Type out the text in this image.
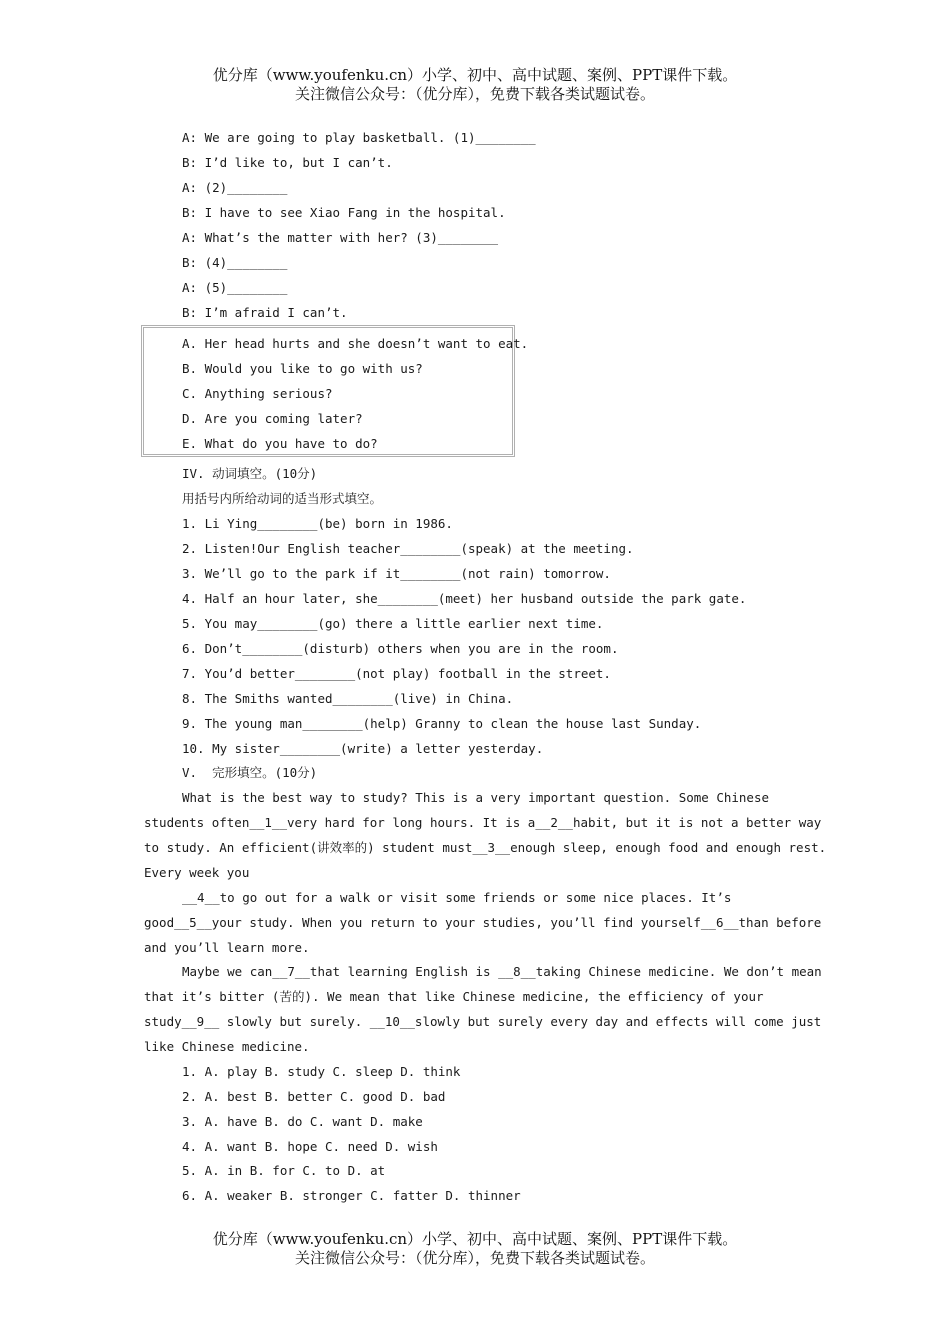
优分库（www.youfenku.cn）小学、初中、高中试题、案例、PPT课件下载。
关注微信公众号：（优分库），免费下载各类试题试卷。
A: We are going to play basketball. (1)________
B: I’d like to, but I can’t.
A: (2)________
B: I have to see Xiao Fang in the hospital.
A: What’s the matter with her? (3)________
B: (4)________
A: (5)________
B: I’m afraid I can’t.
A. Her head hurts and she doesn’t want to eat.
B. Would you like to go with us?
C. Anything serious?
D. Are you coming later?
E. What do you have to do?
IV. 动词填空。(10分)
用括号内所给动词的适当形式填空。
1. Li Ying________(be) born in 1986.
2. Listen!Our English teacher________(speak) at the meeting.
3. We’ll go to the park if it________(not rain) tomorrow.
4. Half an hour later, she________(meet) her husband outside the park gate.
5. You may________(go) there a little earlier next time.
6. Don’t________(disturb) others when you are in the room.
7. You’d better________(not play) football in the street.
8. The Smiths wanted________(live) in China.
9. The young man________(help) Granny to clean the house last Sunday.
10. My sister________(write) a letter yesterday.
V.  完形填空。(10分)
What is the best way to study? This is a very important question. Some Chinese
students often__1__very hard for long hours. It is a__2__habit, but it is not a better way
to study. An efficient(讲效率的) student must__3__enough sleep, enough food and enough rest.
Every week you
__4__to go out for a walk or visit some friends or some nice places. It’s
good__5__your study. When you return to your studies, you’ll find yourself__6__than before
and you’ll learn more.
Maybe we can__7__that learning English is __8__taking Chinese medicine. We don’t mean
that it’s bitter (苦的). We mean that like Chinese medicine, the efficiency of your
study__9__ slowly but surely. __10__slowly but surely every day and effects will come just
like Chinese medicine.
1. A. play B. study C. sleep D. think
2. A. best B. better C. good D. bad
3. A. have B. do C. want D. make
4. A. want B. hope C. need D. wish
5. A. in B. for C. to D. at
6. A. weaker B. stronger C. fatter D. thinner
优分库（www.youfenku.cn）小学、初中、高中试题、案例、PPT课件下载。
关注微信公众号：（优分库），免费下载各类试题试卷。
